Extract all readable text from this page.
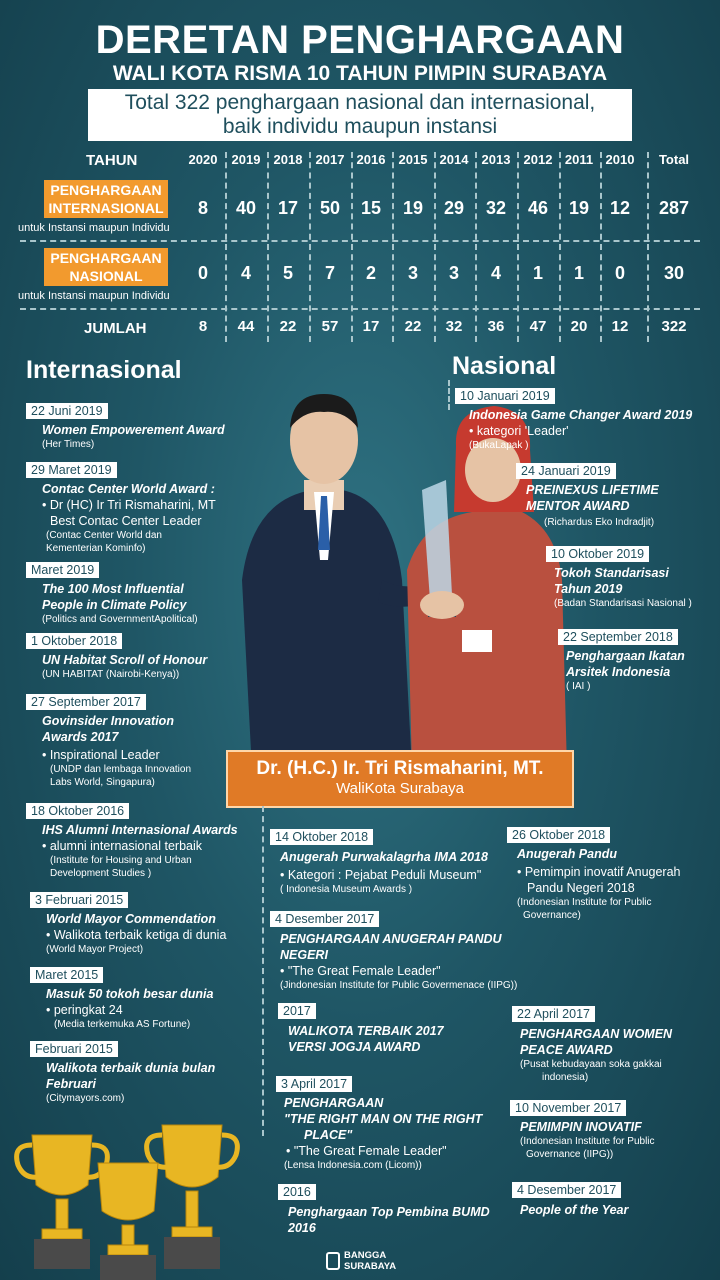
DERETAN PENGHARGAAN
WALI KOTA RISMA 10 TAHUN PIMPIN SURABAYA
Total 322 penghargaan nasional dan internasional,
baik individu maupun instansi
TAHUN
PENGHARGAAN
INTERNASIONAL
untuk Instansi maupun Individu
PENGHARGAAN
NASIONAL
untuk Instansi maupun Individu
JUMLAH
2020
8
0
8
2019
40
4
44
2018
17
5
22
2017
50
7
57
2016
15
2
17
2015
19
3
22
2014
29
3
32
2013
32
4
36
2012
46
1
47
2011
19
1
20
2010
12
0
12
Total
287
30
322
Internasional	Nasional
Dr. (H.C.) Ir. Tri Rismaharini, MT.
WaliKota Surabaya
22 Juni 2019
Women Empowerement Award
(Her Times)
29 Maret 2019
Contac Center World Award :
• Dr (HC) Ir Tri Rismaharini, MT
Best Contac Center Leader
(Contac Center World dan
Kementerian Kominfo)
Maret 2019
The 100 Most Influential
People in Climate Policy
(Politics and GovernmentApolitical)
1 Oktober 2018
UN Habitat Scroll of Honour
(UN HABITAT (Nairobi-Kenya))
27 September 2017
Govinsider Innovation
Awards 2017
• Inspirational Leader
(UNDP dan lembaga Innovation
Labs World, Singapura)
18 Oktober 2016
IHS Alumni Internasional Awards
• alumni internasional terbaik
(Institute for Housing and Urban
Development Studies )
3 Februari 2015
World Mayor Commendation
• Walikota terbaik ketiga di dunia
(World Mayor Project)
Maret 2015
Masuk 50 tokoh besar dunia
• peringkat 24
(Media terkemuka AS Fortune)
Februari 2015
Walikota terbaik dunia bulan
Februari
(Citymayors.com)
10 Januari 2019
Indonesia Game Changer Award 2019
• kategori 'Leader'
(BukaLapak )
24 Januari 2019
PREINEXUS LIFETIME
MENTOR AWARD
(Richardus Eko Indradjit)
10 Oktober 2019
Tokoh Standarisasi
Tahun 2019
(Badan Standarisasi Nasional )
22 September 2018
Penghargaan Ikatan
Arsitek Indonesia
( IAI )
14 Oktober 2018
Anugerah Purwakalagrha IMA 2018
• Kategori : Pejabat Peduli Museum"
( Indonesia Museum Awards )
4 Desember 2017
PENGHARGAAN ANUGERAH PANDU
NEGERI
• "The Great Female Leader"
(Jindonesian Institute for Public Govermenace (IIPG))
2017
WALIKOTA TERBAIK 2017
VERSI JOGJA AWARD
3 April 2017
PENGHARGAAN
"THE RIGHT MAN ON THE RIGHT
PLACE"
• "The Great Female Leader"
(Lensa Indonesia.com (Licom))
2016
Penghargaan Top Pembina BUMD
2016
26 Oktober 2018
Anugerah Pandu
• Pemimpin inovatif Anugerah
Pandu Negeri 2018
(Indonesian Institute for Public
Governance)
22 April 2017
PENGHARGAAN WOMEN
PEACE AWARD
(Pusat kebudayaan soka gakkai
indonesia)
10 November 2017
PEMIMPIN INOVATIF
(Indonesian Institute for Public
Governance (IIPG))
4 Desember 2017
People of the Year
BANGGA
SURABAYA
